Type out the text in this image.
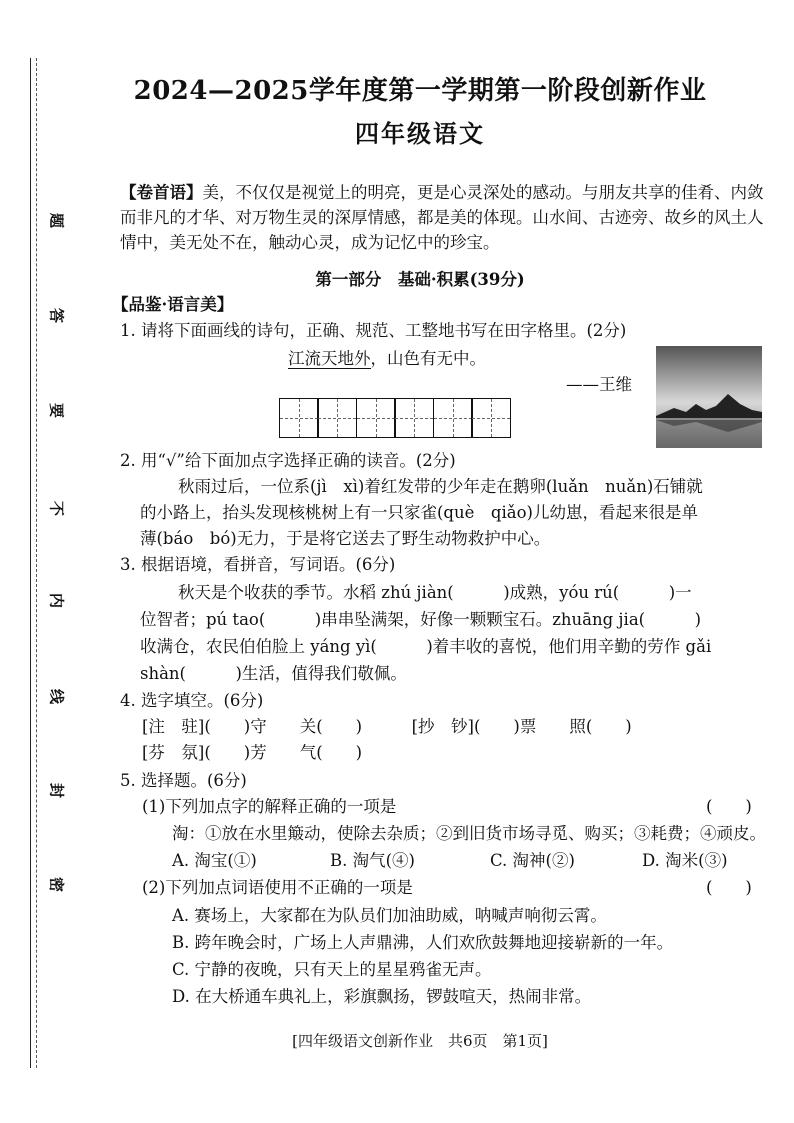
题
答
要
不
内
线
封
密
2024—2025学年度第一学期第一阶段创新作业
四年级语文
【卷首语】美，不仅仅是视觉上的明亮，更是心灵深处的感动。与朋友共享的佳肴、内敛而非凡的才华、对万物生灵的深厚情感，都是美的体现。山水间、古迹旁、故乡的风土人情中，美无处不在，触动心灵，成为记忆中的珍宝。
第一部分　基础·积累(39分)
【品鉴·语言美】
1. 请将下面画线的诗句，正确、规范、工整地书写在田字格里。(2分)
江流天地外，山色有无中。
——王维
2. 用“√”给下面加点字选择正确的读音。(2分)
秋雨过后，一位系(jì　xì)着红发带的少年走在鹅卵(luǎn　nuǎn)石铺就
的小路上，抬头发现核桃树上有一只家雀(què　qiǎo)儿幼崽，看起来很是单
薄(báo　bó)无力，于是将它送去了野生动物救护中心。
3. 根据语境，看拼音，写词语。(6分)
秋天是个收获的季节。水稻 zhú jiàn(　　　)成熟，yóu rú(　　　)一
位智者；pú tao(　　　)串串坠满架，好像一颗颗宝石。zhuāng jia(　　　)
收满仓，农民伯伯脸上 yáng yì(　　　)着丰收的喜悦，他们用辛勤的劳作 gǎi
shàn(　　　)生活，值得我们敬佩。
4. 选字填空。(6分)
[注　驻](　　)守　　关(　　)　　　[抄　钞](　　)票　　照(　　)
[芬　氛](　　)芳　　气(　　)
5. 选择题。(6分)
(1)下列加点字的解释正确的一项是	(　　)
淘：①放在水里簸动，使除去杂质；②到旧货市场寻觅、购买；③耗费；④顽皮。
A. 淘宝(①)	B. 淘气(④)	C. 淘神(②)	D. 淘米(③)
(2)下列加点词语使用不正确的一项是	(　　)
A. 赛场上，大家都在为队员们加油助威，呐喊声响彻云霄。
B. 跨年晚会时，广场上人声鼎沸，人们欢欣鼓舞地迎接崭新的一年。
C. 宁静的夜晚，只有天上的星星鸦雀无声。
D. 在大桥通车典礼上，彩旗飘扬，锣鼓喧天，热闹非常。
[四年级语文创新作业　共6页　第1页]
